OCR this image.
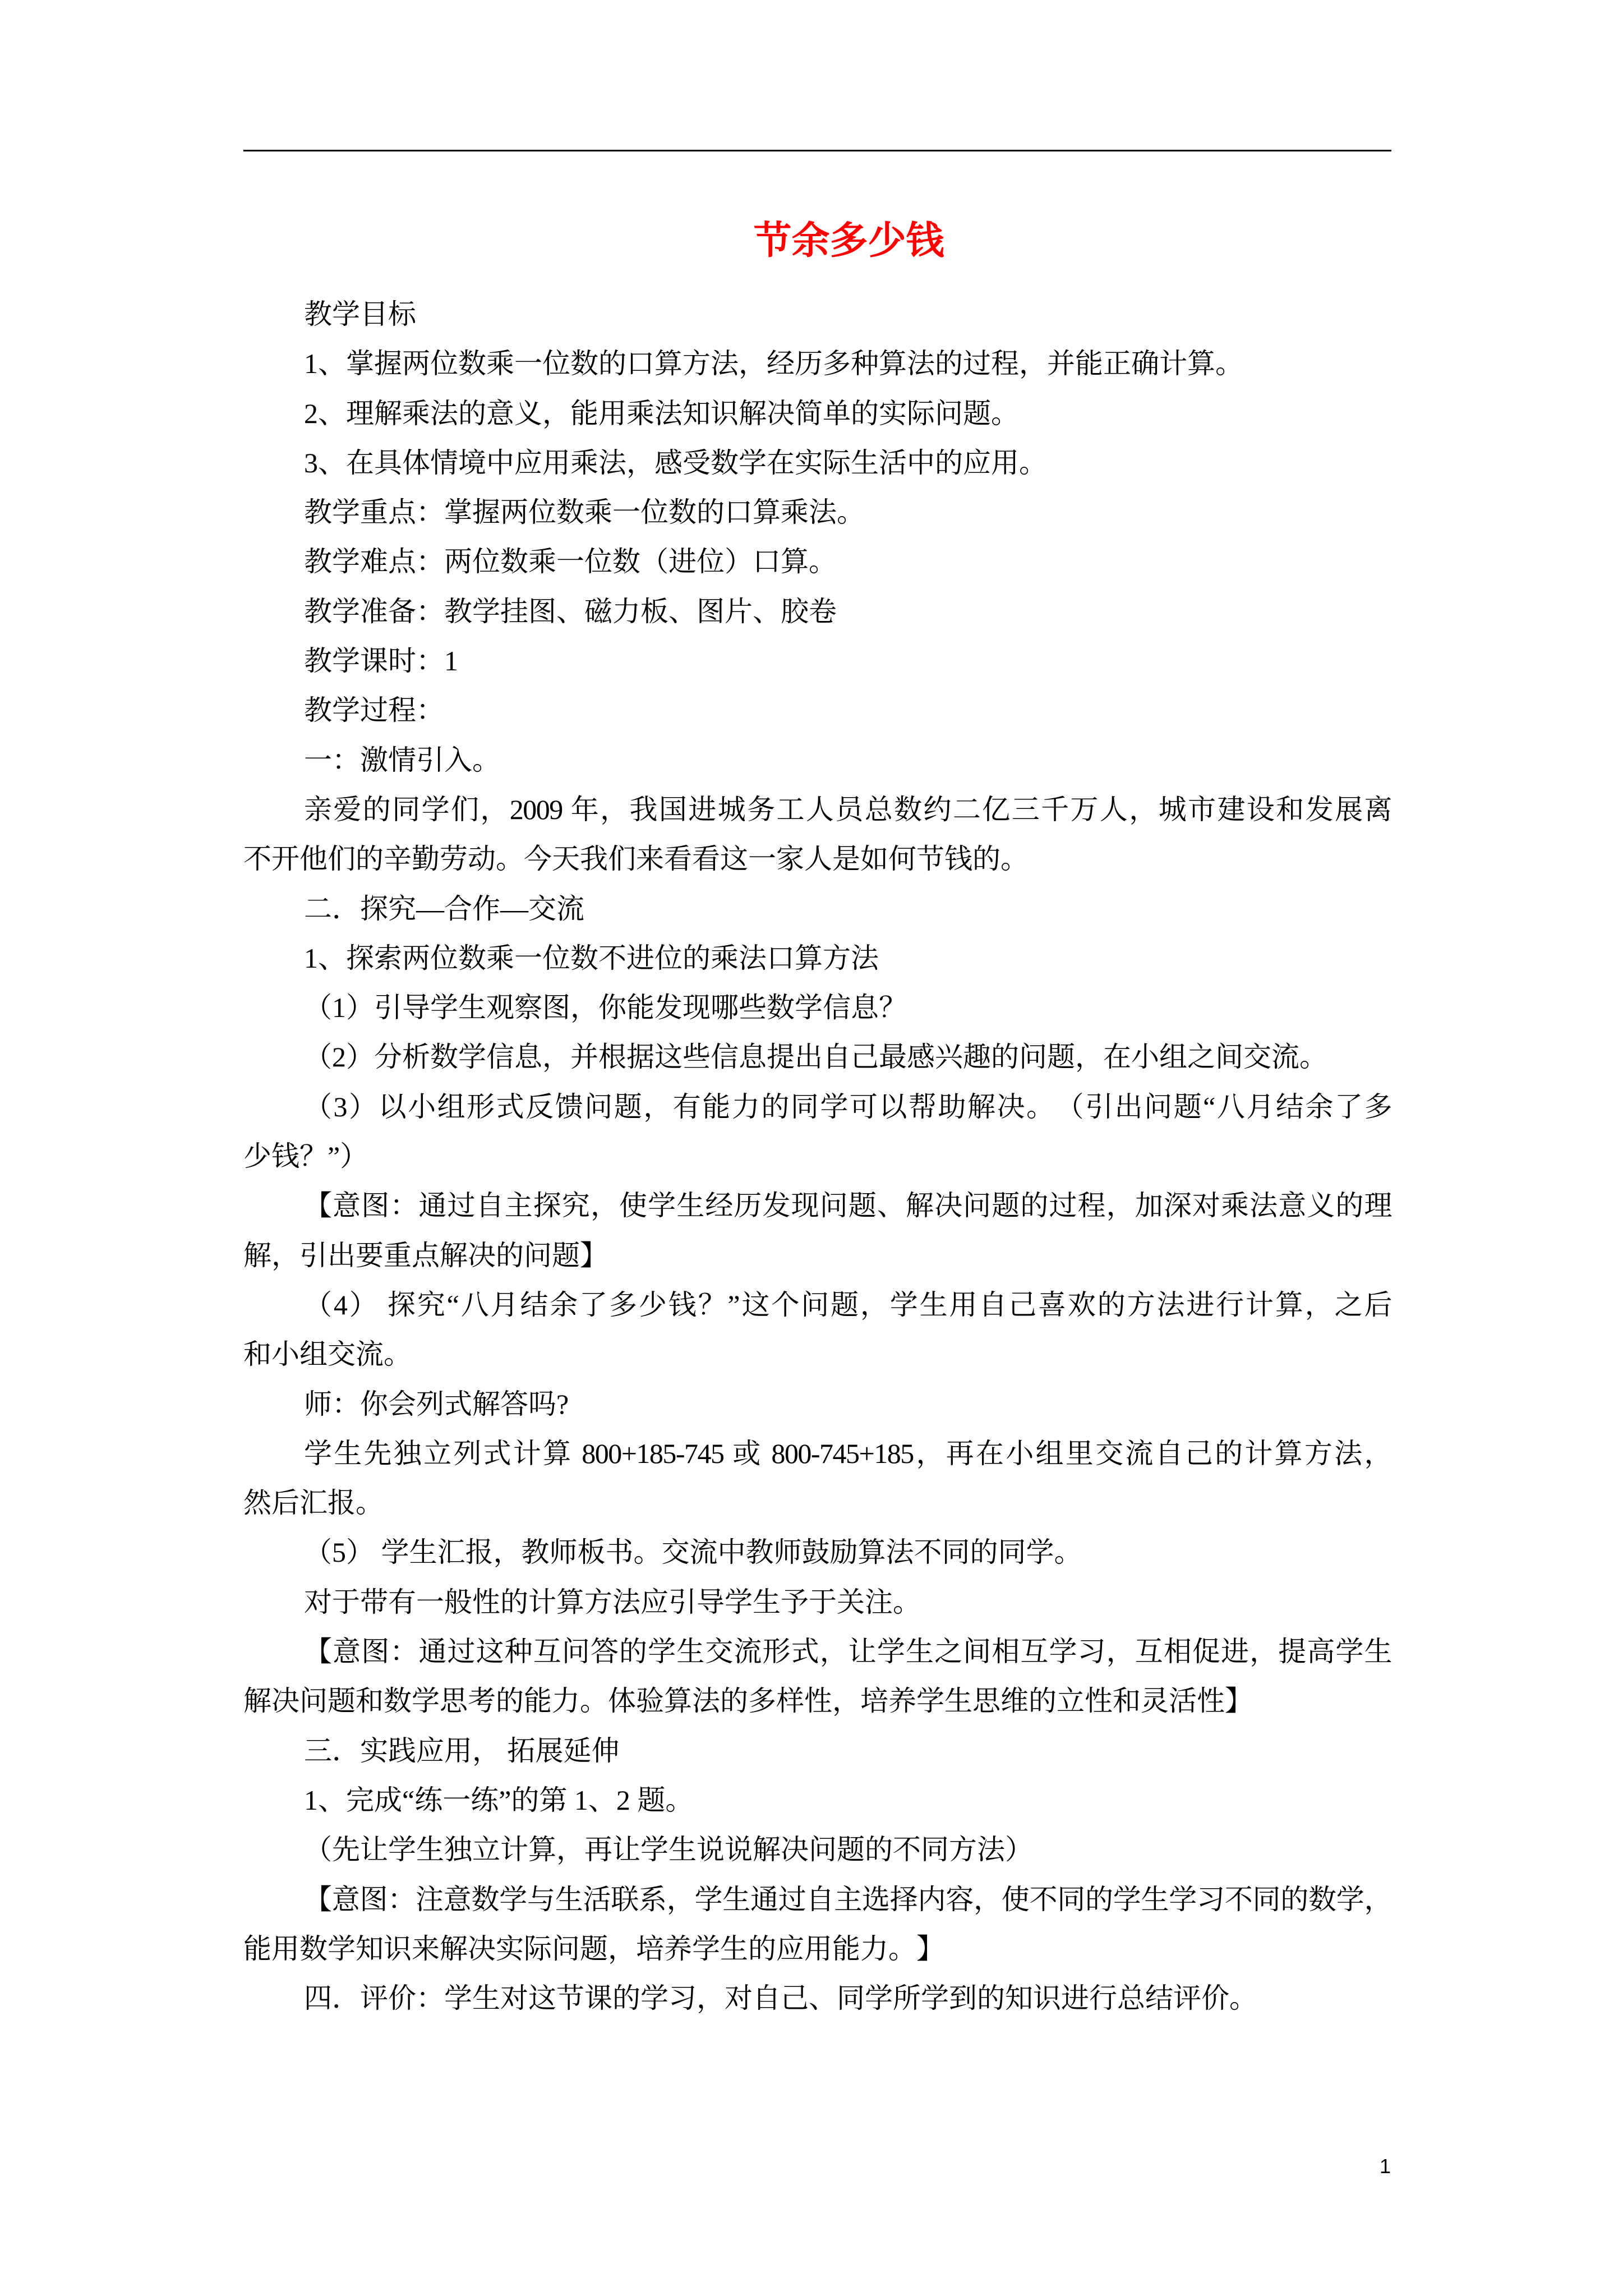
节余多少钱

教学目标

1、掌握两位数乘一位数的口算方法，经历多种算法的过程，并能正确计算。

2、理解乘法的意义，能用乘法知识解决简单的实际问题。

3、在具体情境中应用乘法，感受数学在实际生活中的应用。

教学重点：掌握两位数乘一位数的口算乘法。

教学难点：两位数乘一位数（进位）口算。

教学准备：教学挂图、磁力板、图片、胶卷

教学课时：1

教学过程：

一：激情引入。

亲爱的同学们，2009 年，我国进城务工人员总数约二亿三千万人，城市建设和发展离
不开他们的辛勤劳动。今天我们来看看这一家人是如何节钱的。

二．探究—合作—交流

1、探索两位数乘一位数不进位的乘法口算方法

（1）引导学生观察图，你能发现哪些数学信息？

（2）分析数学信息，并根据这些信息提出自己最感兴趣的问题，在小组之间交流。

（3）以小组形式反馈问题，有能力的同学可以帮助解决。（引出问题“八月结余了多
少钱？”）

【意图：通过自主探究，使学生经历发现问题、解决问题的过程，加深对乘法意义的理
解，引出要重点解决的问题】

（4） 探究“八月结余了多少钱？”这个问题，学生用自己喜欢的方法进行计算，之后
和小组交流。

师：你会列式解答吗?

学生先独立列式计算 800+185-745 或 800-745+185，再在小组里交流自己的计算方法，
然后汇报。

（5） 学生汇报，教师板书。交流中教师鼓励算法不同的同学。

对于带有一般性的计算方法应引导学生予于关注。

【意图：通过这种互问答的学生交流形式，让学生之间相互学习，互相促进，提高学生
解决问题和数学思考的能力。体验算法的多样性，培养学生思维的立性和灵活性】

三．实践应用， 拓展延伸

1、完成“练一练”的第 1、2 题。

（先让学生独立计算，再让学生说说解决问题的不同方法）

【意图：注意数学与生活联系，学生通过自主选择内容，使不同的学生学习不同的数学，
能用数学知识来解决实际问题，培养学生的应用能力。】

四．评价：学生对这节课的学习，对自己、同学所学到的知识进行总结评价。

1
